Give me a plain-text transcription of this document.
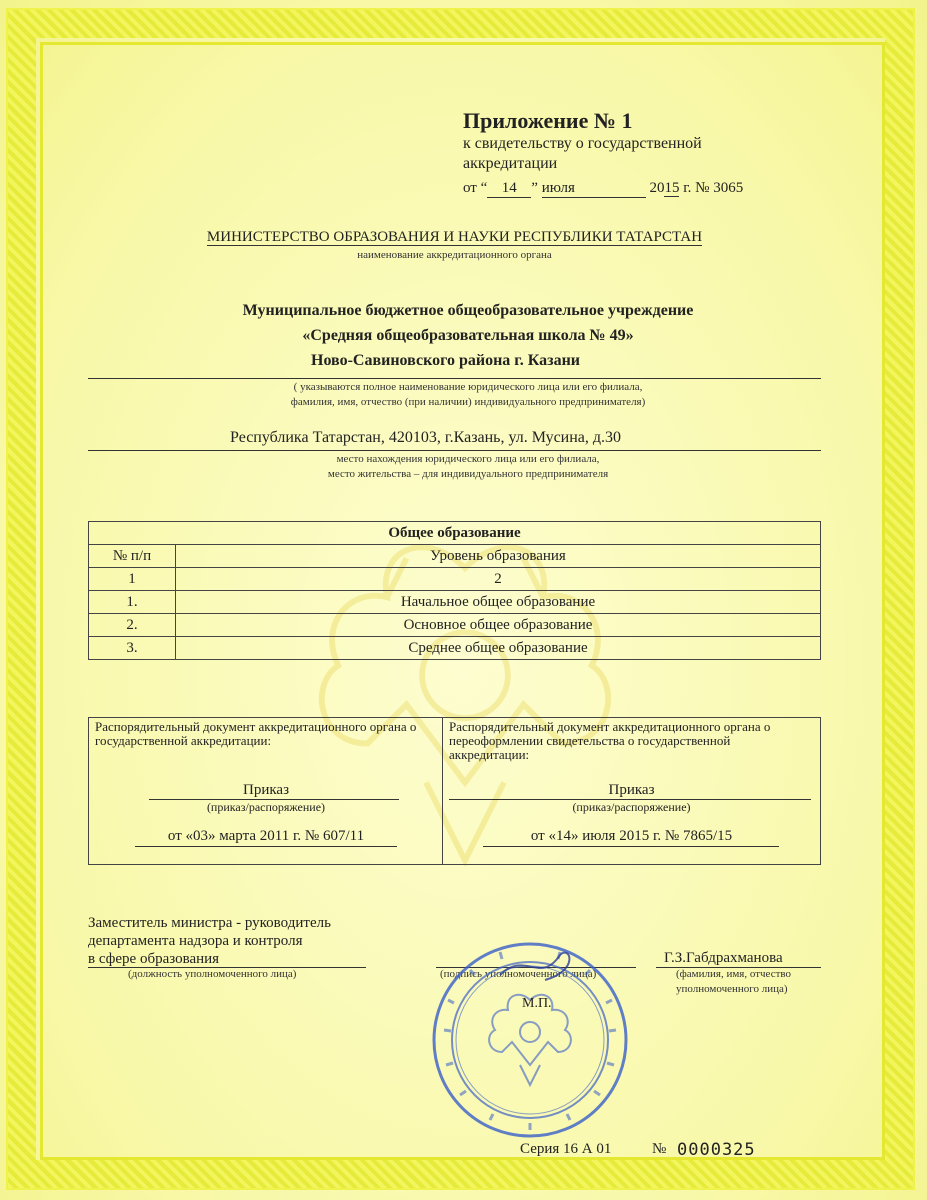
Приложение № 1
к свидетельству о государственной
аккредитации
от “ 14 ” июля	2015 г. № 3065
МИНИСТЕРСТВО ОБРАЗОВАНИЯ И НАУКИ РЕСПУБЛИКИ ТАТАРСТАН
наименование аккредитационного органа
Муниципальное бюджетное общеобразовательное учреждение
«Средняя общеобразовательная школа № 49»
Ново-Савиновского района г. Казани
( указываются полное наименование юридического лица или его филиала,
фамилия, имя, отчество (при наличии) индивидуального предпринимателя)
Республика Татарстан, 420103, г.Казань, ул. Мусина, д.30
место нахождения юридического лица или его филиала,
место жительства – для индивидуального предпринимателя
Общее образование	
№ п/п	Уровень образования
1	2
1.	Начальное общее образование
2.	Основное общее образование
3.	Среднее общее образование
Распорядительный документ аккредитационного органа о государственной аккредитации:
Приказ
(приказ/распоряжение)
от «03» марта 2011 г. № 607/11
Распорядительный документ аккредитационного органа о переоформлении свидетельства о государственной аккредитации:
Приказ
(приказ/распоряжение)
от «14» июля 2015 г. № 7865/15
Заместитель министра - руководитель
департамента надзора и контроля
в сфере образования
(должность уполномоченного лица)	(подпись уполномоченного лица)
Г.З.Габдрахманова
(фамилия, имя, отчество
уполномоченного лица)
М.П.
Серия 16 А 01	№ 0000325
